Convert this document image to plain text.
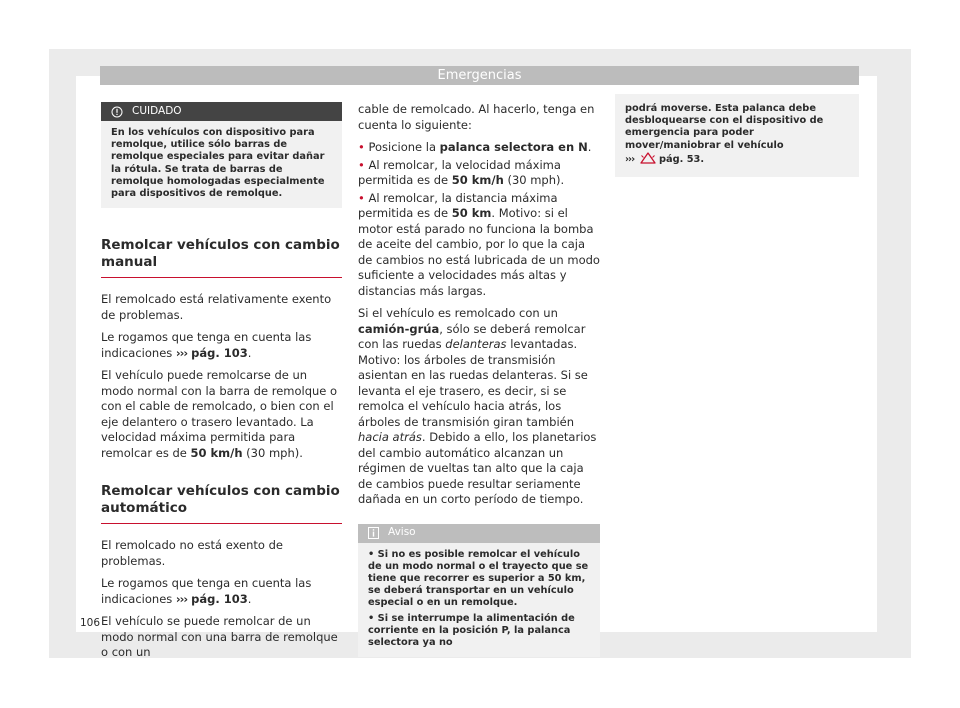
Emergencias
CUIDADO
En los vehículos con dispositivo para remolque, utilice sólo barras de remolque especiales para evitar dañar la rótula. Se trata de barras de remolque homologadas especialmente para dispositivos de remolque.
Remolcar vehículos con cambio manual

El remolcado está relativamente exento de problemas.

Le rogamos que tenga en cuenta las indicaciones ››› pág. 103.

El vehículo puede remolcarse de un modo normal con la barra de remolque o con el cable de remolcado, o bien con el eje delantero o trasero levantado. La velocidad máxima permitida para remolcar es de 50 km/h (30 mph).

Remolcar vehículos con cambio automático

El remolcado no está exento de problemas.

Le rogamos que tenga en cuenta las indicaciones ››› pág. 103.

El vehículo se puede remolcar de un modo normal con una barra de remolque o con un

cable de remolcado. Al hacerlo, tenga en cuenta lo siguiente:

• Posicione la palanca selectora en N.

• Al remolcar, la velocidad máxima permitida es de 50 km/h (30 mph).

• Al remolcar, la distancia máxima permitida es de 50 km. Motivo: si el motor está parado no funciona la bomba de aceite del cambio, por lo que la caja de cambios no está lubricada de un modo suficiente a velocidades más altas y distancias más largas.

Si el vehículo es remolcado con un camión-grúa, sólo se deberá remolcar con las ruedas delanteras levantadas. Motivo: los árboles de transmisión asientan en las ruedas delanteras. Si se levanta el eje trasero, es decir, si se remolca el vehículo hacia atrás, los árboles de transmisión giran también hacia atrás. Debido a ello, los planetarios del cambio automático alcanzan un régimen de vueltas tan alto que la caja de cambios puede resultar seriamente dañada en un corto período de tiempo.

Aviso

• Si no es posible remolcar el vehículo de un modo normal o el trayecto que se tiene que recorrer es superior a 50 km, se deberá transportar en un vehículo especial o en un remolque.

• Si se interrumpe la alimentación de corriente en la posición P, la palanca selectora ya no

podrá moverse. Esta palanca debe desbloquearse con el dispositivo de emergencia para poder mover/maniobrar el vehículo
›››  pág. 53.
106
